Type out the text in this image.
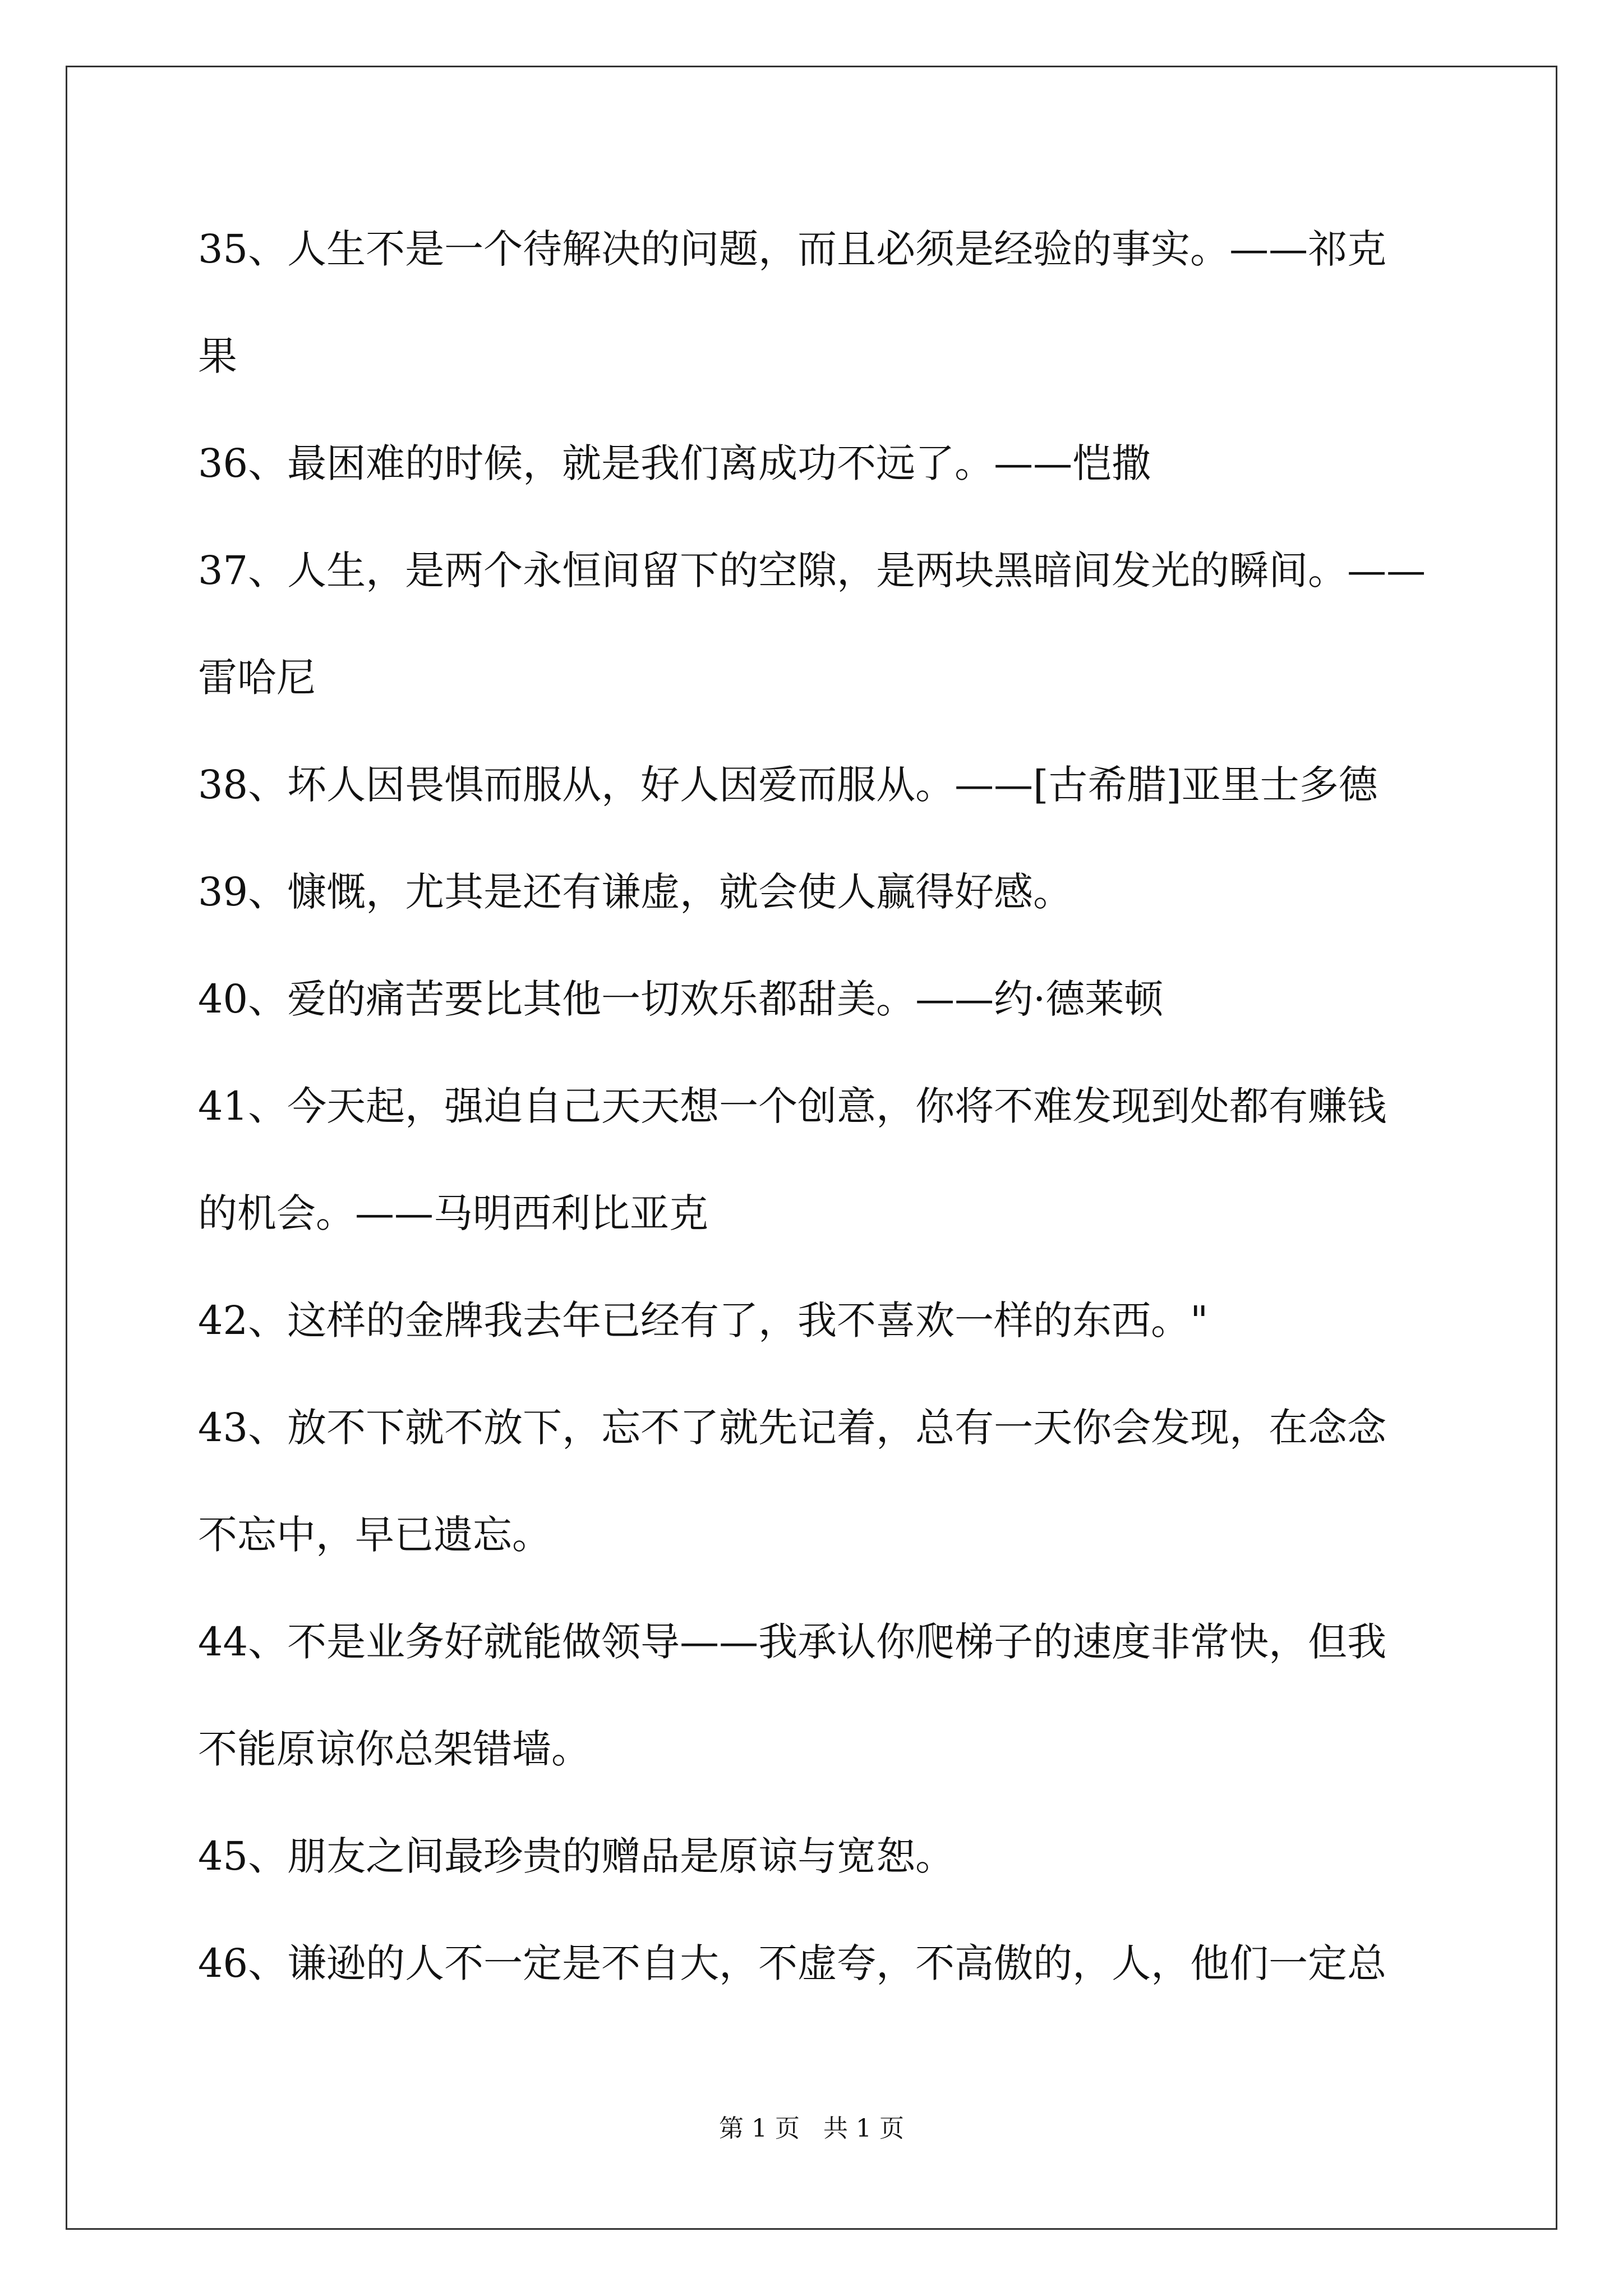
35、人生不是一个待解决的问题，而且必须是经验的事实。——祁克
果
36、最困难的时候，就是我们离成功不远了。——恺撒
37、人生，是两个永恒间留下的空隙，是两块黑暗间发光的瞬间。——
雷哈尼
38、坏人因畏惧而服从，好人因爱而服从。——[古希腊]亚里士多德
39、慷慨，尤其是还有谦虚，就会使人赢得好感。
40、爱的痛苦要比其他一切欢乐都甜美。——约·德莱顿
41、今天起，强迫自己天天想一个创意，你将不难发现到处都有赚钱
的机会。——马明西利比亚克
42、这样的金牌我去年已经有了，我不喜欢一样的东西。"
43、放不下就不放下，忘不了就先记着，总有一天你会发现，在念念
不忘中，早已遗忘。
44、不是业务好就能做领导——我承认你爬梯子的速度非常快，但我
不能原谅你总架错墙。
45、朋友之间最珍贵的赠品是原谅与宽恕。
46、谦逊的人不一定是不自大，不虚夸，不高傲的，人，他们一定总
第 1 页   共 1 页
